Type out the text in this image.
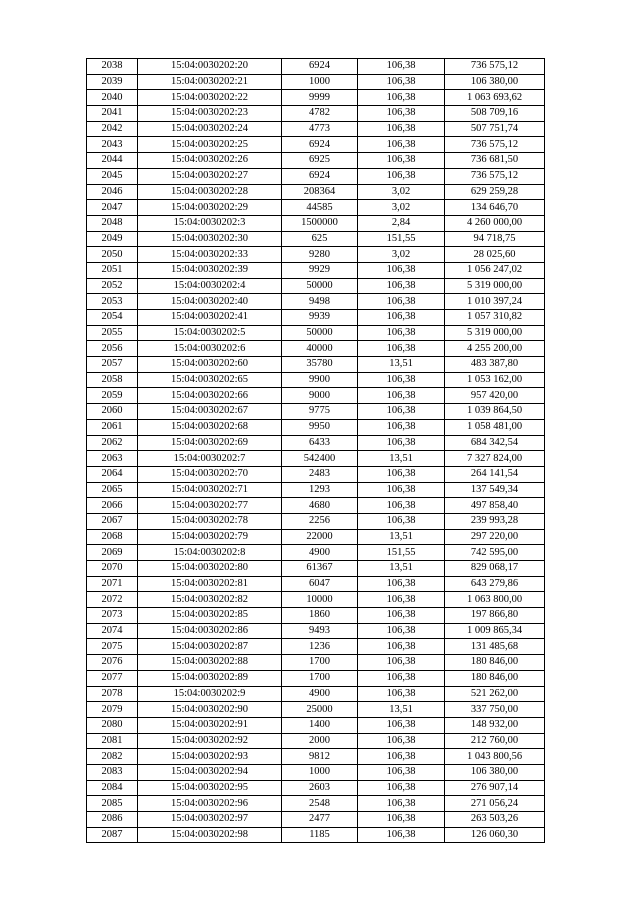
2038	15:04:0030202:20	6924	106,38	736 575,12
2039	15:04:0030202:21	1000	106,38	106 380,00
2040	15:04:0030202:22	9999	106,38	1 063 693,62
2041	15:04:0030202:23	4782	106,38	508 709,16
2042	15:04:0030202:24	4773	106,38	507 751,74
2043	15:04:0030202:25	6924	106,38	736 575,12
2044	15:04:0030202:26	6925	106,38	736 681,50
2045	15:04:0030202:27	6924	106,38	736 575,12
2046	15:04:0030202:28	208364	3,02	629 259,28
2047	15:04:0030202:29	44585	3,02	134 646,70
2048	15:04:0030202:3	1500000	2,84	4 260 000,00
2049	15:04:0030202:30	625	151,55	94 718,75
2050	15:04:0030202:33	9280	3,02	28 025,60
2051	15:04:0030202:39	9929	106,38	1 056 247,02
2052	15:04:0030202:4	50000	106,38	5 319 000,00
2053	15:04:0030202:40	9498	106,38	1 010 397,24
2054	15:04:0030202:41	9939	106,38	1 057 310,82
2055	15:04:0030202:5	50000	106,38	5 319 000,00
2056	15:04:0030202:6	40000	106,38	4 255 200,00
2057	15:04:0030202:60	35780	13,51	483 387,80
2058	15:04:0030202:65	9900	106,38	1 053 162,00
2059	15:04:0030202:66	9000	106,38	957 420,00
2060	15:04:0030202:67	9775	106,38	1 039 864,50
2061	15:04:0030202:68	9950	106,38	1 058 481,00
2062	15:04:0030202:69	6433	106,38	684 342,54
2063	15:04:0030202:7	542400	13,51	7 327 824,00
2064	15:04:0030202:70	2483	106,38	264 141,54
2065	15:04:0030202:71	1293	106,38	137 549,34
2066	15:04:0030202:77	4680	106,38	497 858,40
2067	15:04:0030202:78	2256	106,38	239 993,28
2068	15:04:0030202:79	22000	13,51	297 220,00
2069	15:04:0030202:8	4900	151,55	742 595,00
2070	15:04:0030202:80	61367	13,51	829 068,17
2071	15:04:0030202:81	6047	106,38	643 279,86
2072	15:04:0030202:82	10000	106,38	1 063 800,00
2073	15:04:0030202:85	1860	106,38	197 866,80
2074	15:04:0030202:86	9493	106,38	1 009 865,34
2075	15:04:0030202:87	1236	106,38	131 485,68
2076	15:04:0030202:88	1700	106,38	180 846,00
2077	15:04:0030202:89	1700	106,38	180 846,00
2078	15:04:0030202:9	4900	106,38	521 262,00
2079	15:04:0030202:90	25000	13,51	337 750,00
2080	15:04:0030202:91	1400	106,38	148 932,00
2081	15:04:0030202:92	2000	106,38	212 760,00
2082	15:04:0030202:93	9812	106,38	1 043 800,56
2083	15:04:0030202:94	1000	106,38	106 380,00
2084	15:04:0030202:95	2603	106,38	276 907,14
2085	15:04:0030202:96	2548	106,38	271 056,24
2086	15:04:0030202:97	2477	106,38	263 503,26
2087	15:04:0030202:98	1185	106,38	126 060,30
